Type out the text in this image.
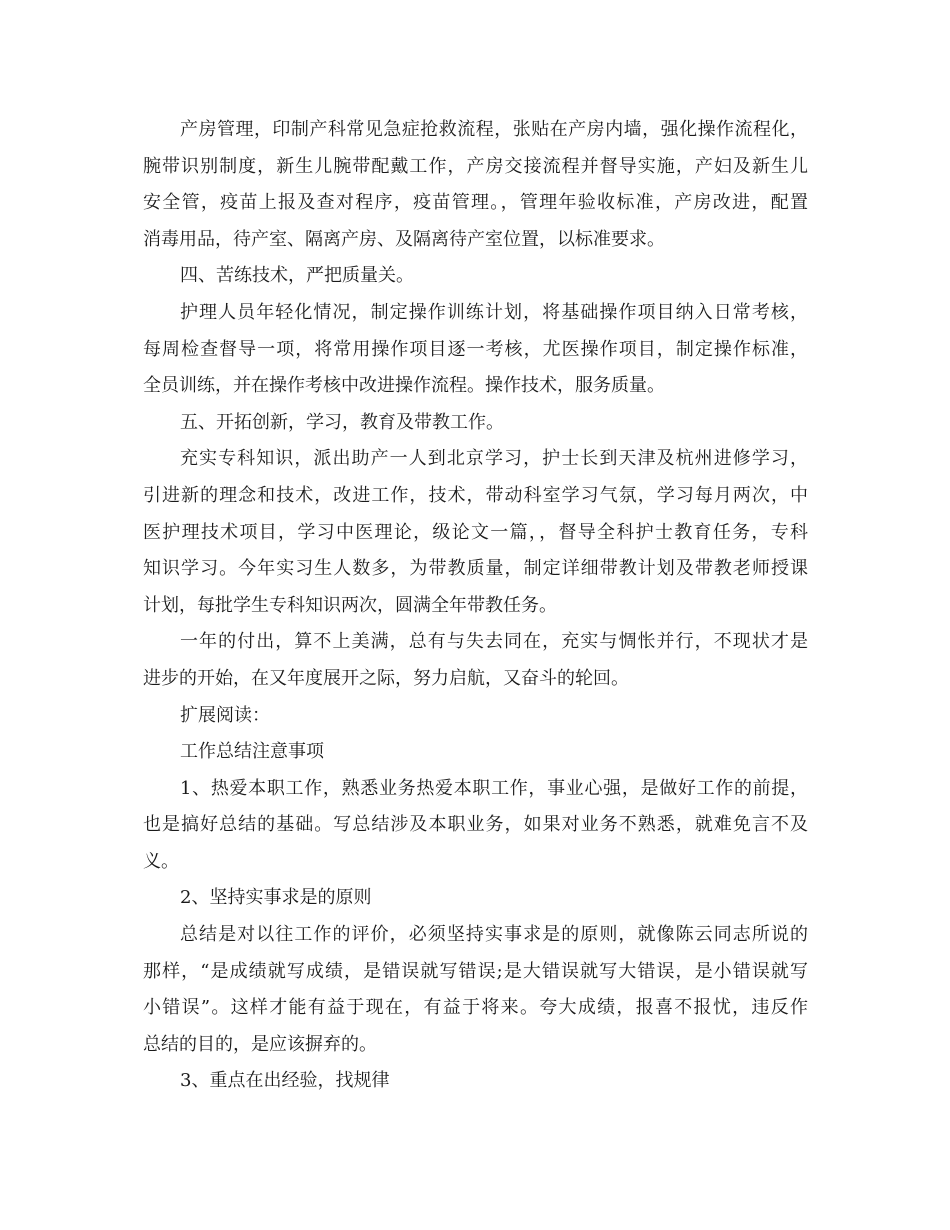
产房管理，印制产科常见急症抢救流程，张贴在产房内墙，强化操作流程化，
腕带识别制度，新生儿腕带配戴工作，产房交接流程并督导实施，产妇及新生儿
安全管，疫苗上报及查对程序，疫苗管理。，管理年验收标准，产房改进，配置
消毒用品，待产室、隔离产房、及隔离待产室位置，以标准要求。
四、苦练技术，严把质量关。
护理人员年轻化情况，制定操作训练计划，将基础操作项目纳入日常考核，
每周检查督导一项，将常用操作项目逐一考核，尤医操作项目，制定操作标准，
全员训练，并在操作考核中改进操作流程。操作技术，服务质量。
五、开拓创新，学习，教育及带教工作。
充实专科知识，派出助产一人到北京学习，护士长到天津及杭州进修学习，
引进新的理念和技术，改进工作，技术，带动科室学习气氛，学习每月两次，中
医护理技术项目，学习中医理论，级论文一篇，，督导全科护士教育任务，专科
知识学习。今年实习生人数多，为带教质量，制定详细带教计划及带教老师授课
计划，每批学生专科知识两次，圆满全年带教任务。
一年的付出，算不上美满，总有与失去同在，充实与惆怅并行，不现状才是
进步的开始，在又年度展开之际，努力启航，又奋斗的轮回。
扩展阅读：
工作总结注意事项
1、热爱本职工作，熟悉业务热爱本职工作，事业心强，是做好工作的前提，
也是搞好总结的基础。写总结涉及本职业务，如果对业务不熟悉，就难免言不及
义。
2、坚持实事求是的原则
总结是对以往工作的评价，必须坚持实事求是的原则，就像陈云同志所说的
那样，“是成绩就写成绩，是错误就写错误;是大错误就写大错误，是小错误就写
小错误”。这样才能有益于现在，有益于将来。夸大成绩，报喜不报忧，违反作
总结的目的，是应该摒弃的。
3、重点在出经验，找规律
